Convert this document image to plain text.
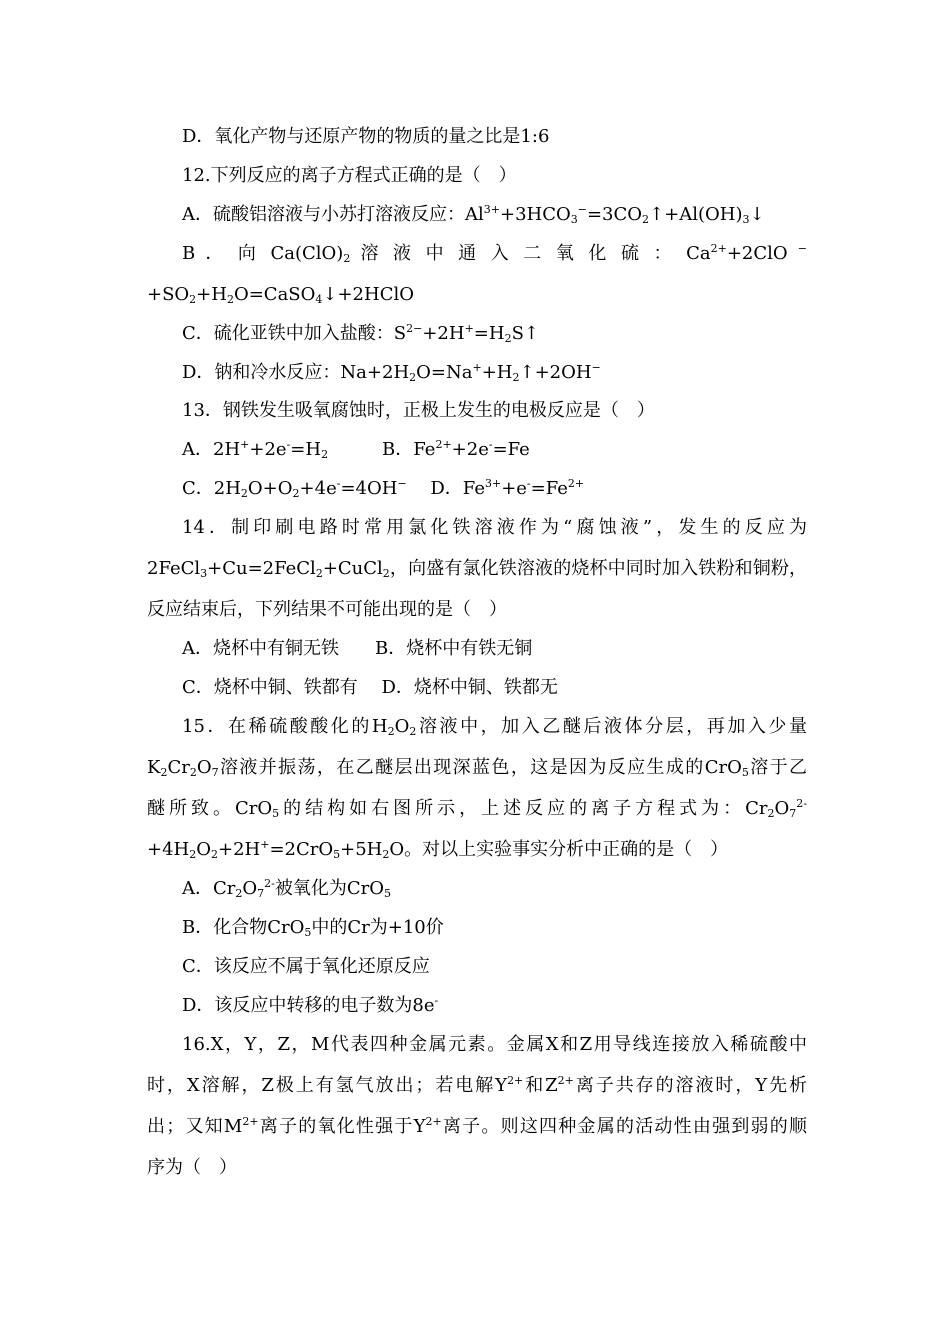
D．氧化产物与还原产物的物质的量之比是1:6
12.下列反应的离子方程式正确的是（　）
A．硫酸铝溶液与小苏打溶液反应：$Al^{3+}+3HCO_3^-=3CO_2↑+Al(OH)_3↓$
B ． 向 $Ca(ClO)_2$ 溶 液 中 通 入 二 氧 化 硫 ： $Ca^{2+}+2ClO$ −
$+SO_2+H_2O=CaSO_4↓+2HClO$
C．硫化亚铁中加入盐酸：$S^{2-}+2H^+=H_2S↑$
D．钠和冷水反应：$Na+2H_2O=Na^++H_2↑+2OH^-$
13．钢铁发生吸氧腐蚀时，正极上发生的电极反应是（　）
A．$2H^++2e^-=H_2$　　　B．$Fe^{2+}+2e^-=Fe$
C．$2H_2O+O_2+4e^-=4OH^-$　 D．$Fe^{3+}+e^-=Fe^{2+}$
14．制印刷电路时常用氯化铁溶液作为“腐蚀液”，发生的反应为
2FeCl$_3$+Cu=2FeCl$_2$+CuCl$_2$，向盛有氯化铁溶液的烧杯中同时加入铁粉和铜粉，
反应结束后，下列结果不可能出现的是（　）
A．烧杯中有铜无铁　　B．烧杯中有铁无铜
C．烧杯中铜、铁都有　 D．烧杯中铜、铁都无
15．在稀硫酸酸化的$H_2O_2$溶液中，加入乙醚后液体分层，再加入少量
$K_2Cr_2O_7$溶液并振荡，在乙醚层出现深蓝色，这是因为反应生成的CrO$_5$溶于乙
醚所致。CrO$_5$的结构如右图所示，上述反应的离子方程式为：$Cr_2O_7^{2-}$
$+4H_2O_2+2H^+=2CrO_5+5H_2O$。对以上实验事实分析中正确的是（　）
A．$Cr_2O_7^{2-}$被氧化为CrO$_5$
B．化合物CrO$_5$中的Cr为+10价
C．该反应不属于氧化还原反应
D．该反应中转移的电子数为8e-
16.X，Y，Z，M代表四种金属元素。金属X和Z用导线连接放入稀硫酸中
时，X溶解，Z极上有氢气放出；若电解$Y^{2+}$和$Z^{2+}$离子共存的溶液时，Y先析
出；又知$M^{2+}$离子的氧化性强于$Y^{2+}$离子。则这四种金属的活动性由强到弱的顺
序为（　）
